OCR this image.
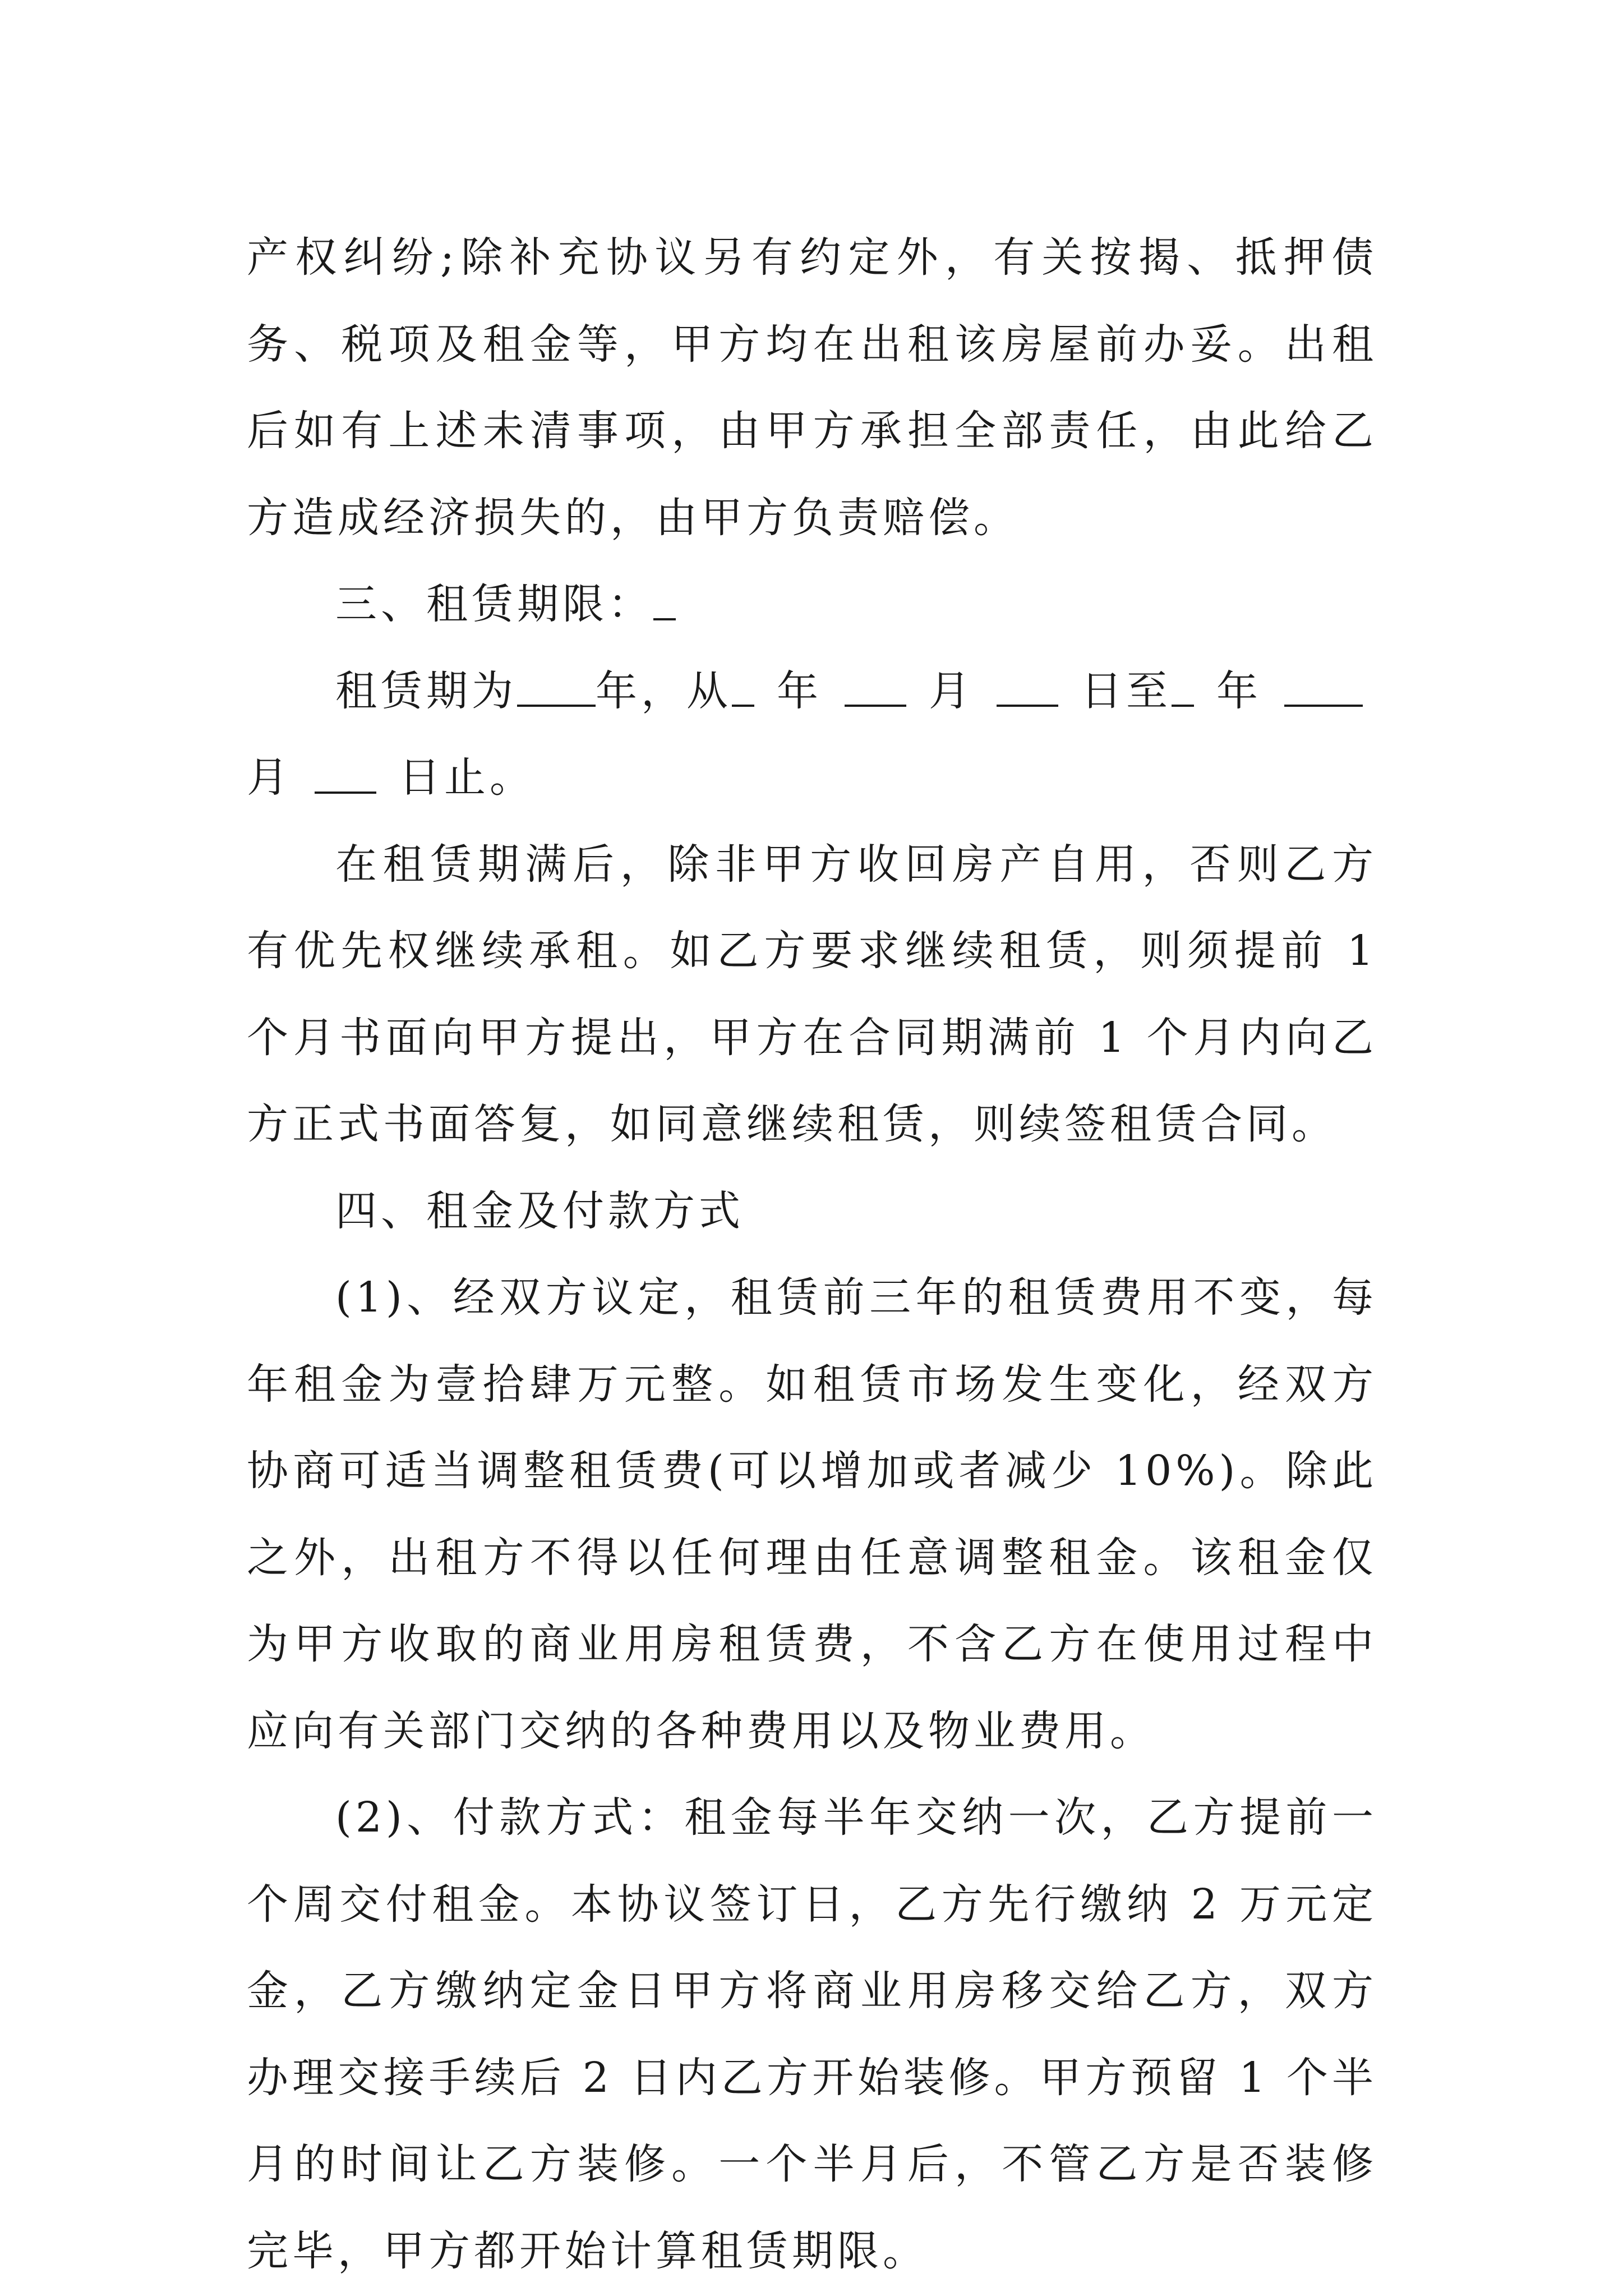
产权纠纷;除补充协议另有约定外，有关按揭、抵押债务、税项及租金等，甲方均在出租该房屋前办妥。出租后如有上述未清事项，由甲方承担全部责任，由此给乙方造成经济损失的，由甲方负责赔偿。

三、租赁期限：

租赁期为 年，从 年	月	日至 年
月	日止。

在租赁期满后，除非甲方收回房产自用，否则乙方有优先权继续承租。如乙方要求继续租赁，则须提前 1 个月书面向甲方提出，甲方在合同期满前 1 个月内向乙方正式书面答复，如同意继续租赁，则续签租赁合同。

四、租金及付款方式

(1)、经双方议定，租赁前三年的租赁费用不变，每年租金为壹拾肆万元整。如租赁市场发生变化，经双方协商可适当调整租赁费(可以增加或者减少 10%)。除此之外，出租方不得以任何理由任意调整租金。该租金仅为甲方收取的商业用房租赁费，不含乙方在使用过程中应向有关部门交纳的各种费用以及物业费用。

(2)、付款方式：租金每半年交纳一次，乙方提前一个周交付租金。本协议签订日，乙方先行缴纳 2 万元定金，乙方缴纳定金日甲方将商业用房移交给乙方，双方办理交接手续后 2 日内乙方开始装修。甲方预留 1 个半月的时间让乙方装修。一个半月后，不管乙方是否装修完毕，甲方都开始计算租赁期限。
